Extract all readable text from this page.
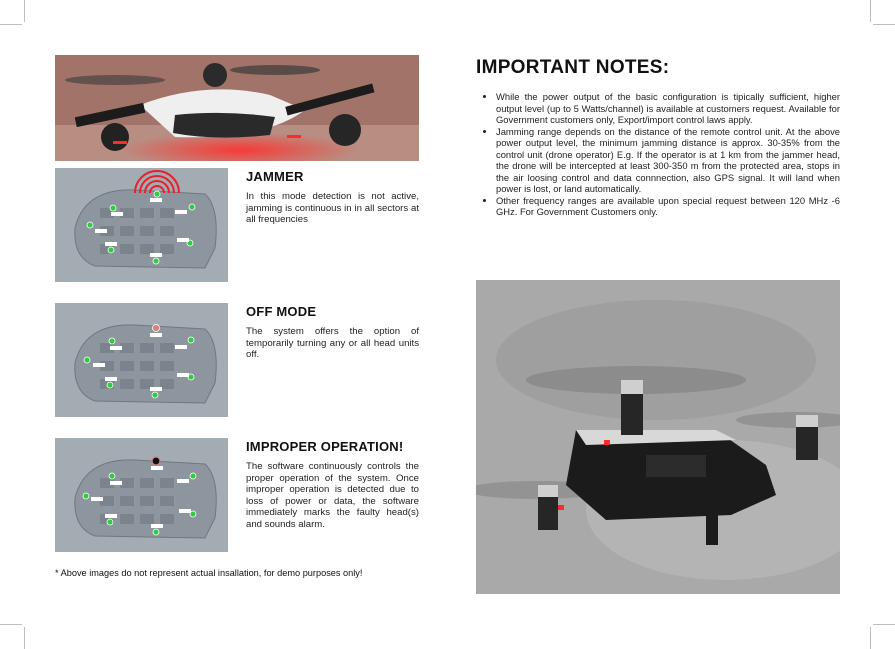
JAMMER
In this mode detection is not active, jamming is continuous in in all sectors at all frequencies
OFF MODE
The system offers the option of temporarily turning any or all head units off.
IMPROPER OPERATION!
The software continuously controls the proper operation of the system. Once improper operation is detected due to loss of power or data, the software immediately marks the faulty head(s) and sounds alarm.
* Above images do not represent actual insallation, for demo purposes only!
IMPORTANT NOTES:
• While the power output of the basic configuration is tipically sufficient, higher output level (up to 5 Watts/channel) is available at customers request. Available for Government customers only, Export/import control laws apply.
• Jamming range depends on the distance of the remote control unit. At the above power output level, the minimum jamming distance is approx. 30-35% from the control unit (drone operator) E.g. If the operator is at 1 km from the jammer head, the drone will be intercepted at least 300-350 m from the protected area, stops in the air loosing control and data connnection, also GPS signal. It will land when power is lost, or land automatically.
• Other frequency ranges are available upon special request between 120 MHz -6 GHz. For Government Customers only.
